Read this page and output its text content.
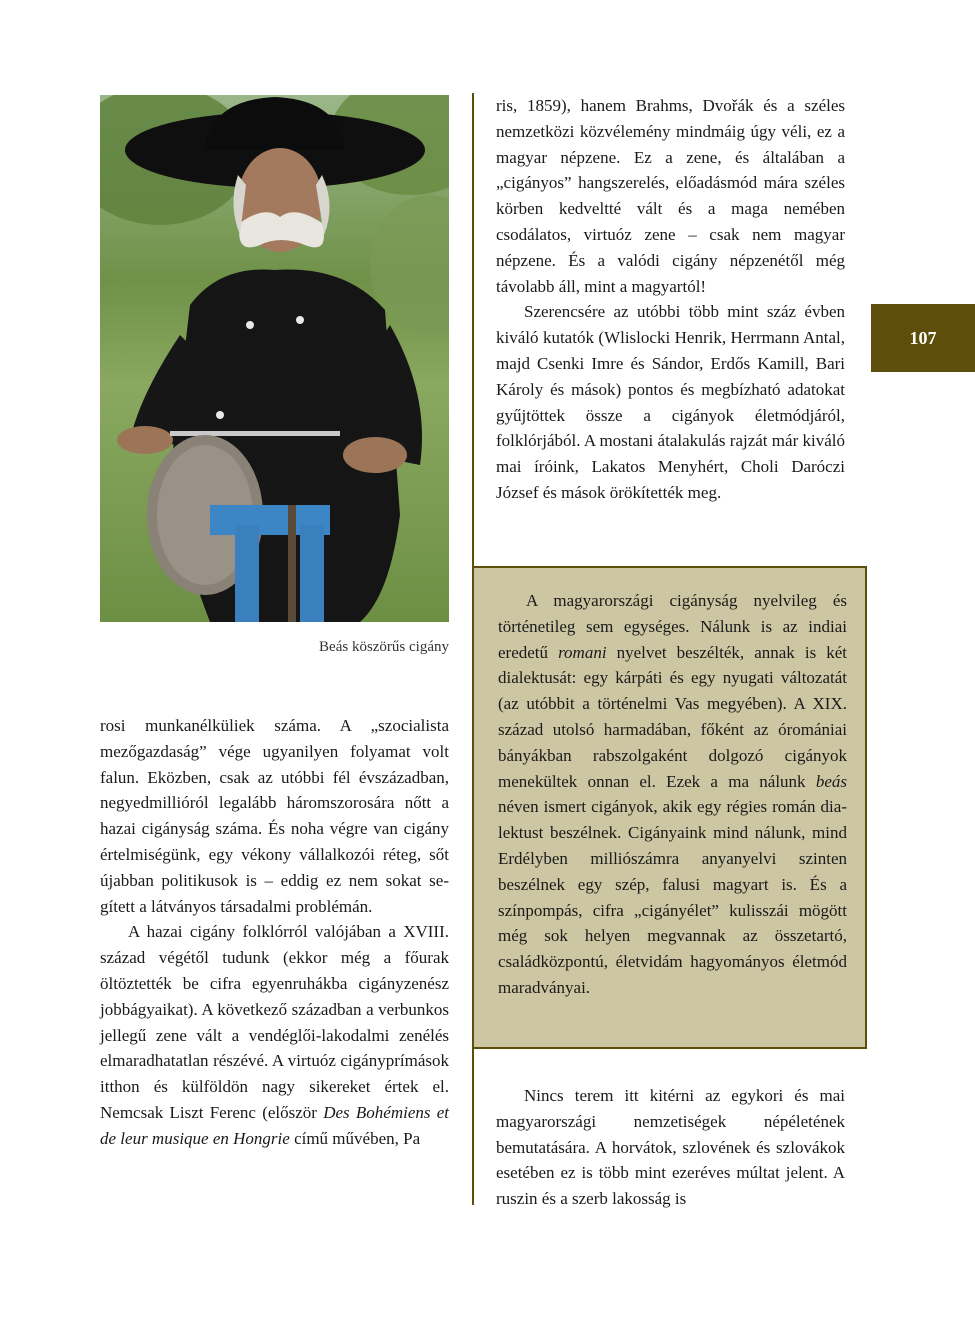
Beás köszörűs cigány

rosi munkanélküliek száma. A „szocialista mezőgazdaság” vége ugyanilyen folyamat volt falun. Eközben, csak az utóbbi fél évszázadban, negyedmillióról legalább háromszorosára nőtt a hazai cigányság száma. És noha végre van cigány értelmiségünk, egy vékony vállalkozói réteg, sőt újabban politikusok is – eddig ez nem sokat segített a látványos társadalmi problémán.

A hazai cigány folklórról valójában a XVIII. század végétől tudunk (ekkor még a főurak öltöztették be cifra egyenruhákba cigányzenész jobbágyaikat). A következő században a verbunkos jellegű zene vált a vendéglői-lakodalmi zenélés elmaradhatatlan részévé. A virtuóz cigányprímások itthon és külföldön nagy sikereket értek el. Nemcsak Liszt Ferenc (először Des Bohémiens et de leur musique en Hongrie című művében, Pa

ris, 1859), hanem Brahms, Dvořák és a széles nemzetközi közvélemény mindmáig úgy véli, ez a magyar népzene. Ez a zene, és általában a „cigányos” hangszerelés, előadásmód mára széles körben kedveltté vált és a maga nemében csodálatos, virtuóz zene – csak nem magyar népzene. És a valódi cigány népzenétől még távolabb áll, mint a magyartól!

Szerencsére az utóbbi több mint száz évben kiváló kutatók (Wlislocki Henrik, Herrmann Antal, majd Csenki Imre és Sándor, Erdős Kamill, Bari Károly és mások) pontos és megbízható adatokat gyűjtöttek össze a cigányok életmódjáról, folklórjából. A mostani átalakulás rajzát már kiváló mai íróink, Lakatos Menyhért, Choli Daróczi József és mások örökítették meg.

A magyarországi cigányság nyelvileg és történetileg sem egységes. Nálunk is az indiai eredetű romani nyelvet beszélték, annak is két dialektusát: egy kárpáti és egy nyugati változatát (az utóbbit a történelmi Vas megyében). A XIX. század utolsó harmadában, főként az óromániai bányákban rabszolgaként dolgozó cigányok menekültek onnan el. Ezek a ma nálunk beás néven ismert cigányok, akik egy régies román dialektust beszélnek. Cigányaink mind nálunk, mind Erdélyben milliószámra anyanyelvi szinten beszélnek egy szép, falusi magyart is. És a színpompás, cifra „cigányélet” kulisszái mögött még sok helyen megvannak az összetartó, családközpontú, életvidám hagyományos életmód maradványai.

Nincs terem itt kitérni az egykori és mai magyarországi nemzetiségek népéletének bemutatására. A horvátok, szlovének és szlovákok esetében ez is több mint ezeréves múltat jelent. A ruszin és a szerb lakosság is

107
